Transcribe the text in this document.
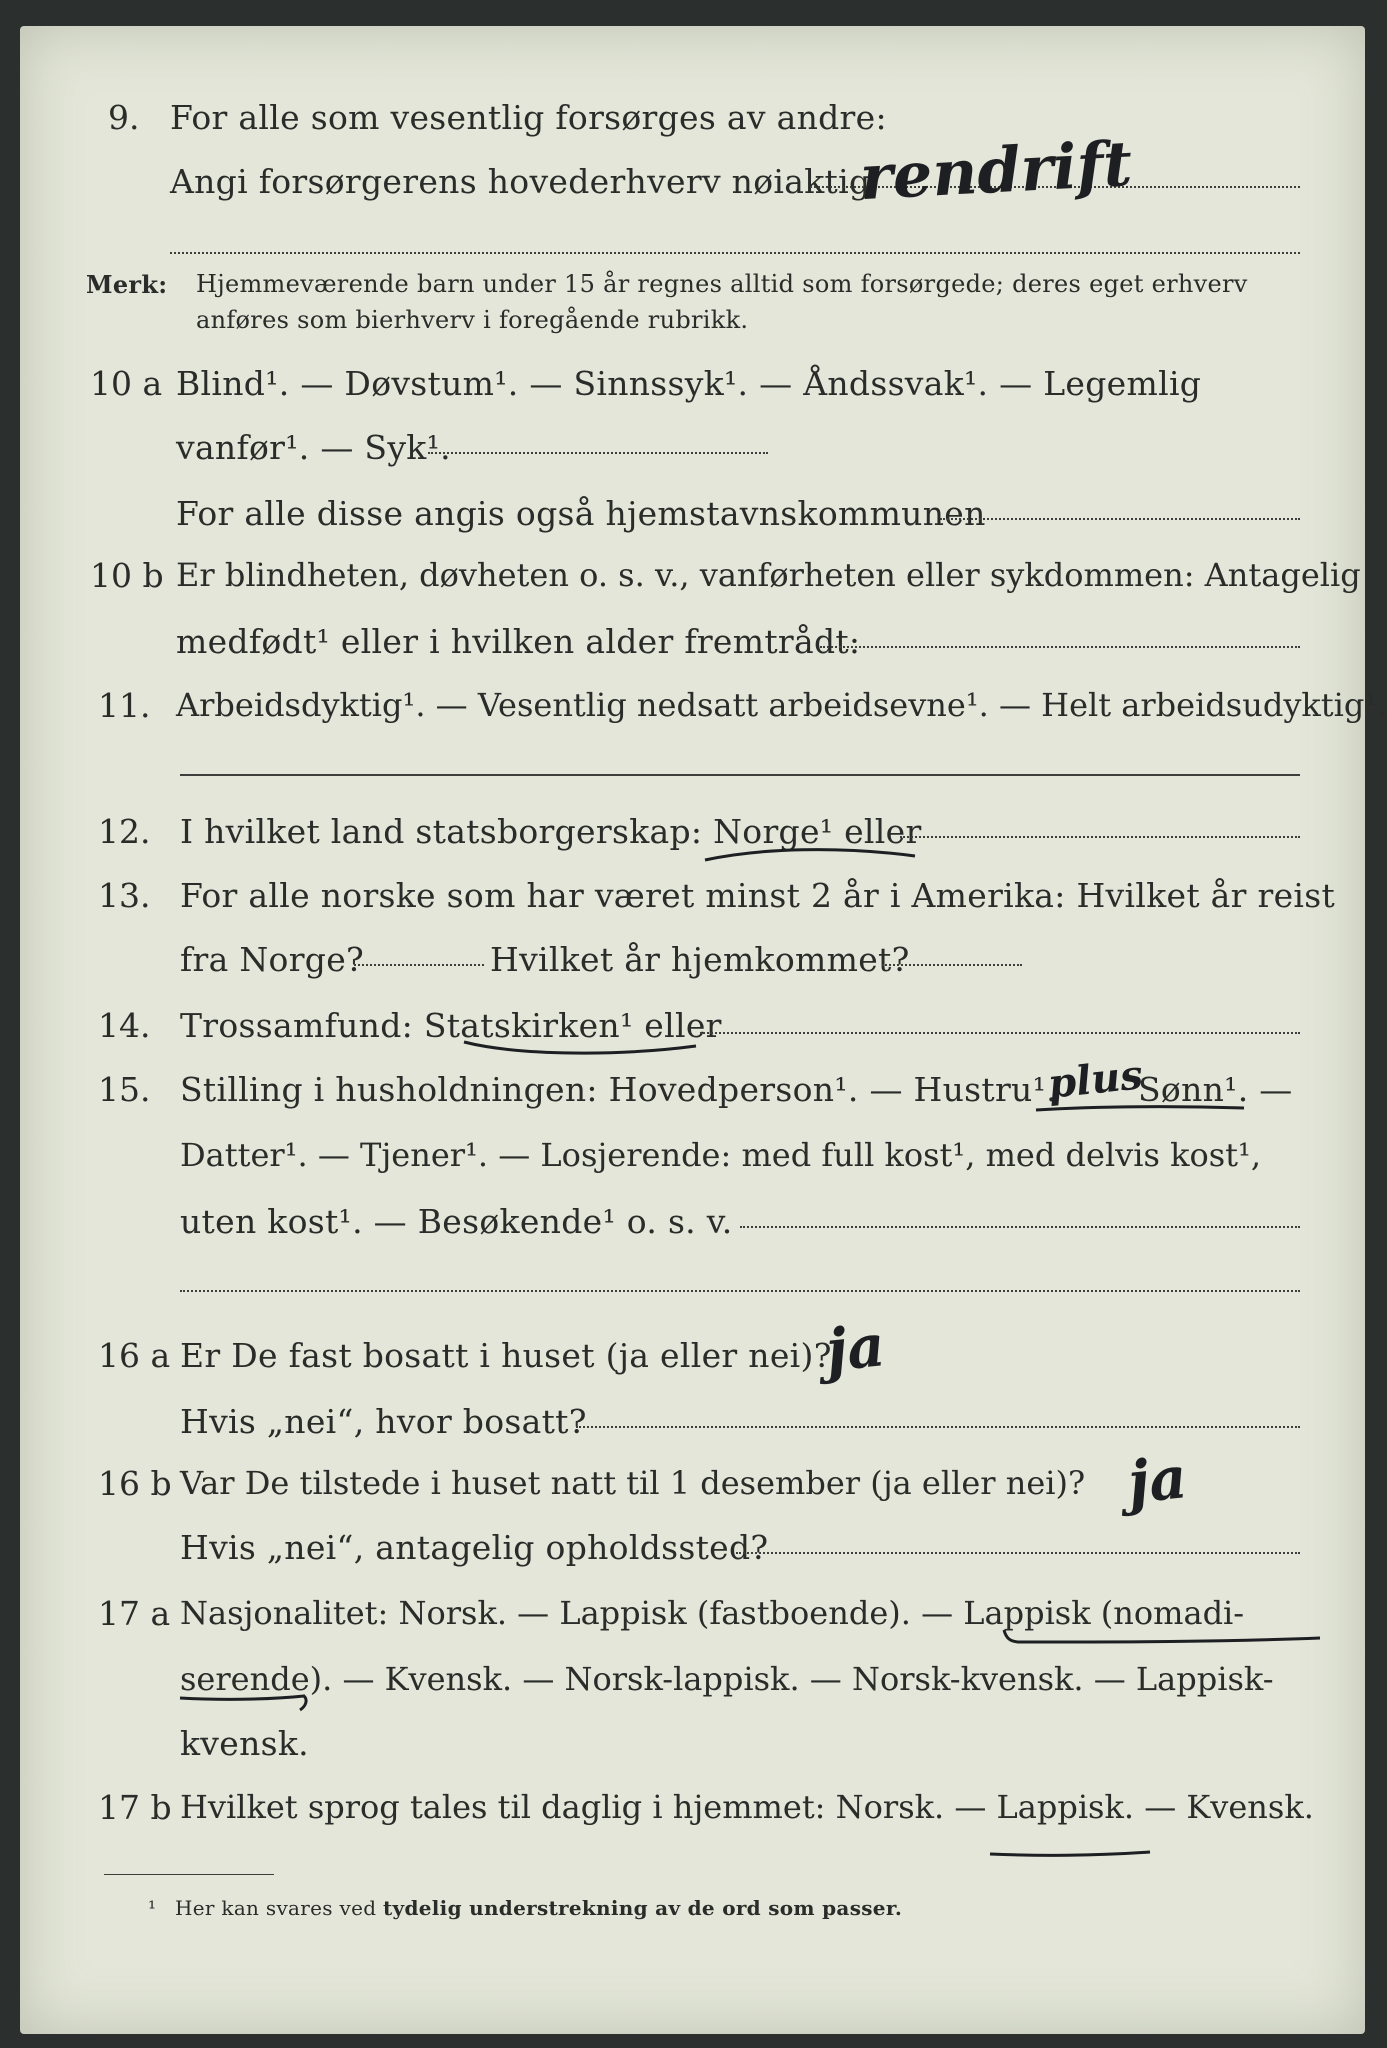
9. For alle som vesentlig forsørges av andre:
Angi forsørgerens hovederhverv nøiaktig
rendrift
Merk: Hjemmeværende barn under 15 år regnes alltid som forsørgede; deres eget erhverv
anføres som bierhverv i foregående rubrikk.
10 a Blind¹. — Døvstum¹. — Sinnssyk¹. — Åndssvak¹. — Legemlig
vanfør¹. — Syk¹.
For alle disse angis også hjemstavnskommunen
10 b Er blindheten, døvheten o. s. v., vanførheten eller sykdommen: Antagelig
medfødt¹ eller i hvilken alder fremtrådt:
11. Arbeidsdyktig¹. — Vesentlig nedsatt arbeidsevne¹. — Helt arbeidsudyktig¹.
12. I hvilket land statsborgerskap: Norge¹ eller
13. For alle norske som har været minst 2 år i Amerika: Hvilket år reist
fra Norge?	Hvilket år hjemkommet?
14. Trossamfund: Statskirken¹ eller
15. Stilling i husholdningen: Hovedperson¹. — Hustru¹.
plus
Sønn¹. —
Datter¹. — Tjener¹. — Losjerende: med full kost¹, med delvis kost¹,
uten kost¹. — Besøkende¹ o. s. v.
16 a Er De fast bosatt i huset (ja eller nei)?
ja
Hvis „nei“, hvor bosatt?
16 b Var De tilstede i huset natt til 1 desember (ja eller nei)? ja
Hvis „nei“, antagelig opholdssted?
17 a Nasjonalitet: Norsk. — Lappisk (fastboende). — Lappisk (nomadi-
serende). — Kvensk. — Norsk-lappisk. — Norsk-kvensk. — Lappisk-
kvensk.
17 b Hvilket sprog tales til daglig i hjemmet: Norsk. — Lappisk. — Kvensk.
¹ Her kan svares ved tydelig understrekning av de ord som passer.
